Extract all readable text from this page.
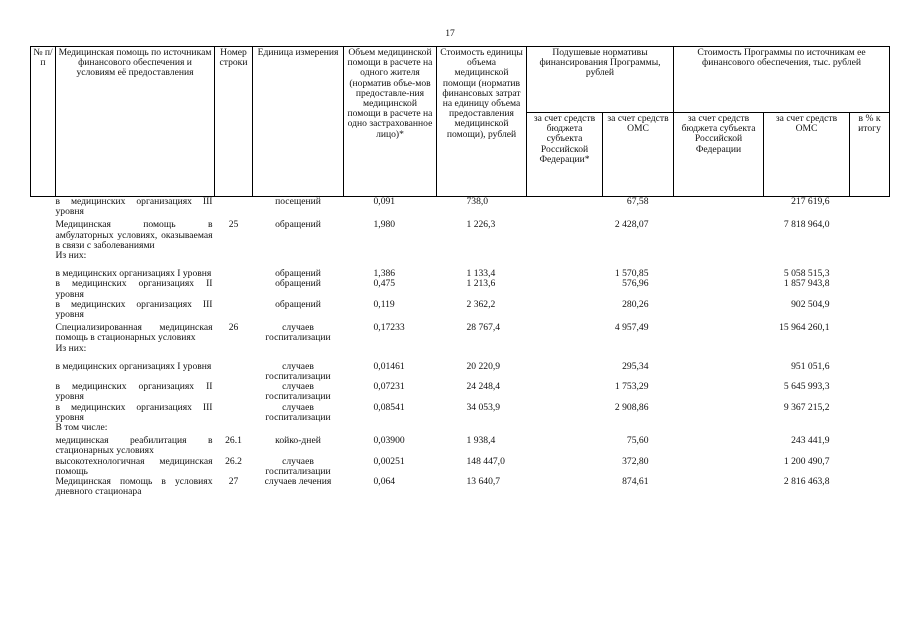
17
№ п/п	Медицинская помощь по источникам финансового обеспечения и условиям её предоставления	Номер строки	Единица измерения	Объем медицинской помощи в расчете на одного жителя (норматив объе-мов предоставле-ния медицинской помощи в расчете на одно застрахованное лицо)*	Стоимость единицы объема медицинской помощи (норматив финансовых затрат на единицу объема предоставления медицинской помощи), рублей	Подушевые нормативы финансирования Программы, рублей		Стоимость Программы по источникам ее финансового обеспечения, тыс. рублей		
						за счет средств бюджета субъекта Российской Федерации*	за счет средств ОМС	за счет средств бюджета субъекта Российской Федерации	за счет средств ОМС	в % к итогу
	в медицинских организациях III уровня		посещений	0,091	738,0		67,58		217 619,6	
	Медицинская помощь в амбулаторных условиях, оказываемая в связи с заболеваниями	25	обращений	1,980	1 226,3		2 428,07		7 818 964,0	
	Из них:									

	в медицинских организациях I уровня		обращений	1,386	1 133,4		1 570,85		5 058 515,3	
	в медицинских организациях II уровня		обращений	0,475	1 213,6		576,96		1 857 943,8	
	в медицинских организациях III уровня		обращений	0,119	2 362,2		280,26		902 504,9	
	Специализированная медицинская помощь в стационарных условиях	26	случаев госпитализации	0,17233	28 767,4		4 957,49		15 964 260,1	
	Из них:									

	в медицинских организациях I уровня		случаев госпитализации	0,01461	20 220,9		295,34		951 051,6	
	в медицинских организациях II уровня		случаев госпитализации	0,07231	24 248,4		1 753,29		5 645 993,3	
	в медицинских организациях III уровня		случаев госпитализации	0,08541	34 053,9		2 908,86		9 367 215,2	
	В том числе:									
	медицинская реабилитация в стационарных условиях	26.1	койко-дней	0,03900	1 938,4		75,60		243 441,9	
	высокотехнологичная медицинская помощь	26.2	случаев госпитализации	0,00251	148 447,0		372,80		1 200 490,7	
	Медицинская помощь в условиях дневного стационара	27	случаев лечения	0,064	13 640,7		874,61		2 816 463,8	
